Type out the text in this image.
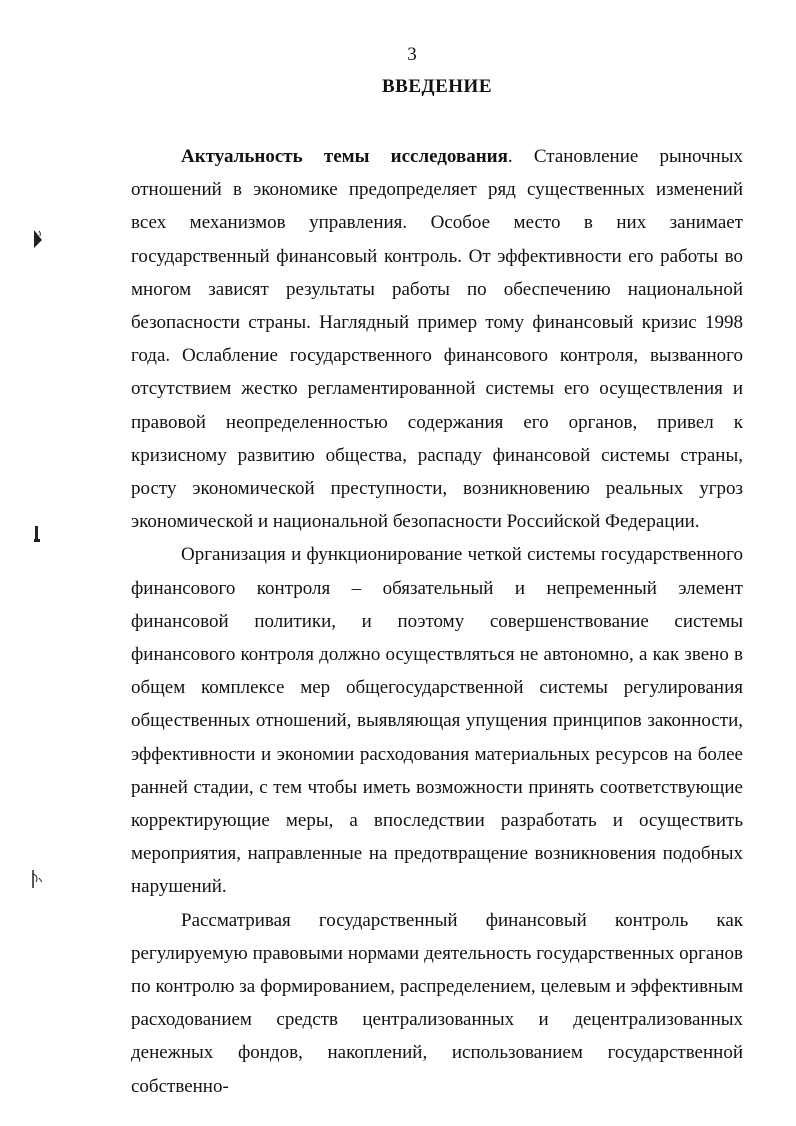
3
ВВЕДЕНИЕ

Актуальность темы исследования. Становление рыночных отношений в экономике предопределяет ряд существенных изменений всех механизмов управления. Особое место в них занимает государственный финансовый контроль. От эффективности его работы во многом зависят результаты работы по обеспечению национальной безопасности страны. Наглядный пример тому финансовый кризис 1998 года. Ослабление государственного финансового контроля, вызванного отсутствием жестко регламентированной системы его осуществления и правовой неопределенностью содержания его органов, привел к кризисному развитию общества, распаду финансовой системы страны, росту экономической преступности, возникновению реальных угроз экономической и национальной безопасности Российской Федерации.

Организация и функционирование четкой системы государственного финансового контроля – обязательный и непременный элемент финансовой политики, и поэтому совершенствование системы финансового контроля должно осуществляться не автономно, а как звено в общем комплексе мер общегосударственной системы регулирования общественных отношений, выявляющая упущения принципов законности, эффективности и экономии расходования материальных ресурсов на более ранней стадии, с тем чтобы иметь возможности принять соответствующие корректирующие меры, а впоследствии разработать и осуществить мероприятия, направленные на предотвращение возникновения подобных нарушений.

Рассматривая государственный финансовый контроль как регулируемую правовыми нормами деятельность государственных органов по контролю за формированием, распределением, целевым и эффективным расходованием средств централизованных и децентрализованных денежных фондов, накоплений, использованием государственной собственно-
